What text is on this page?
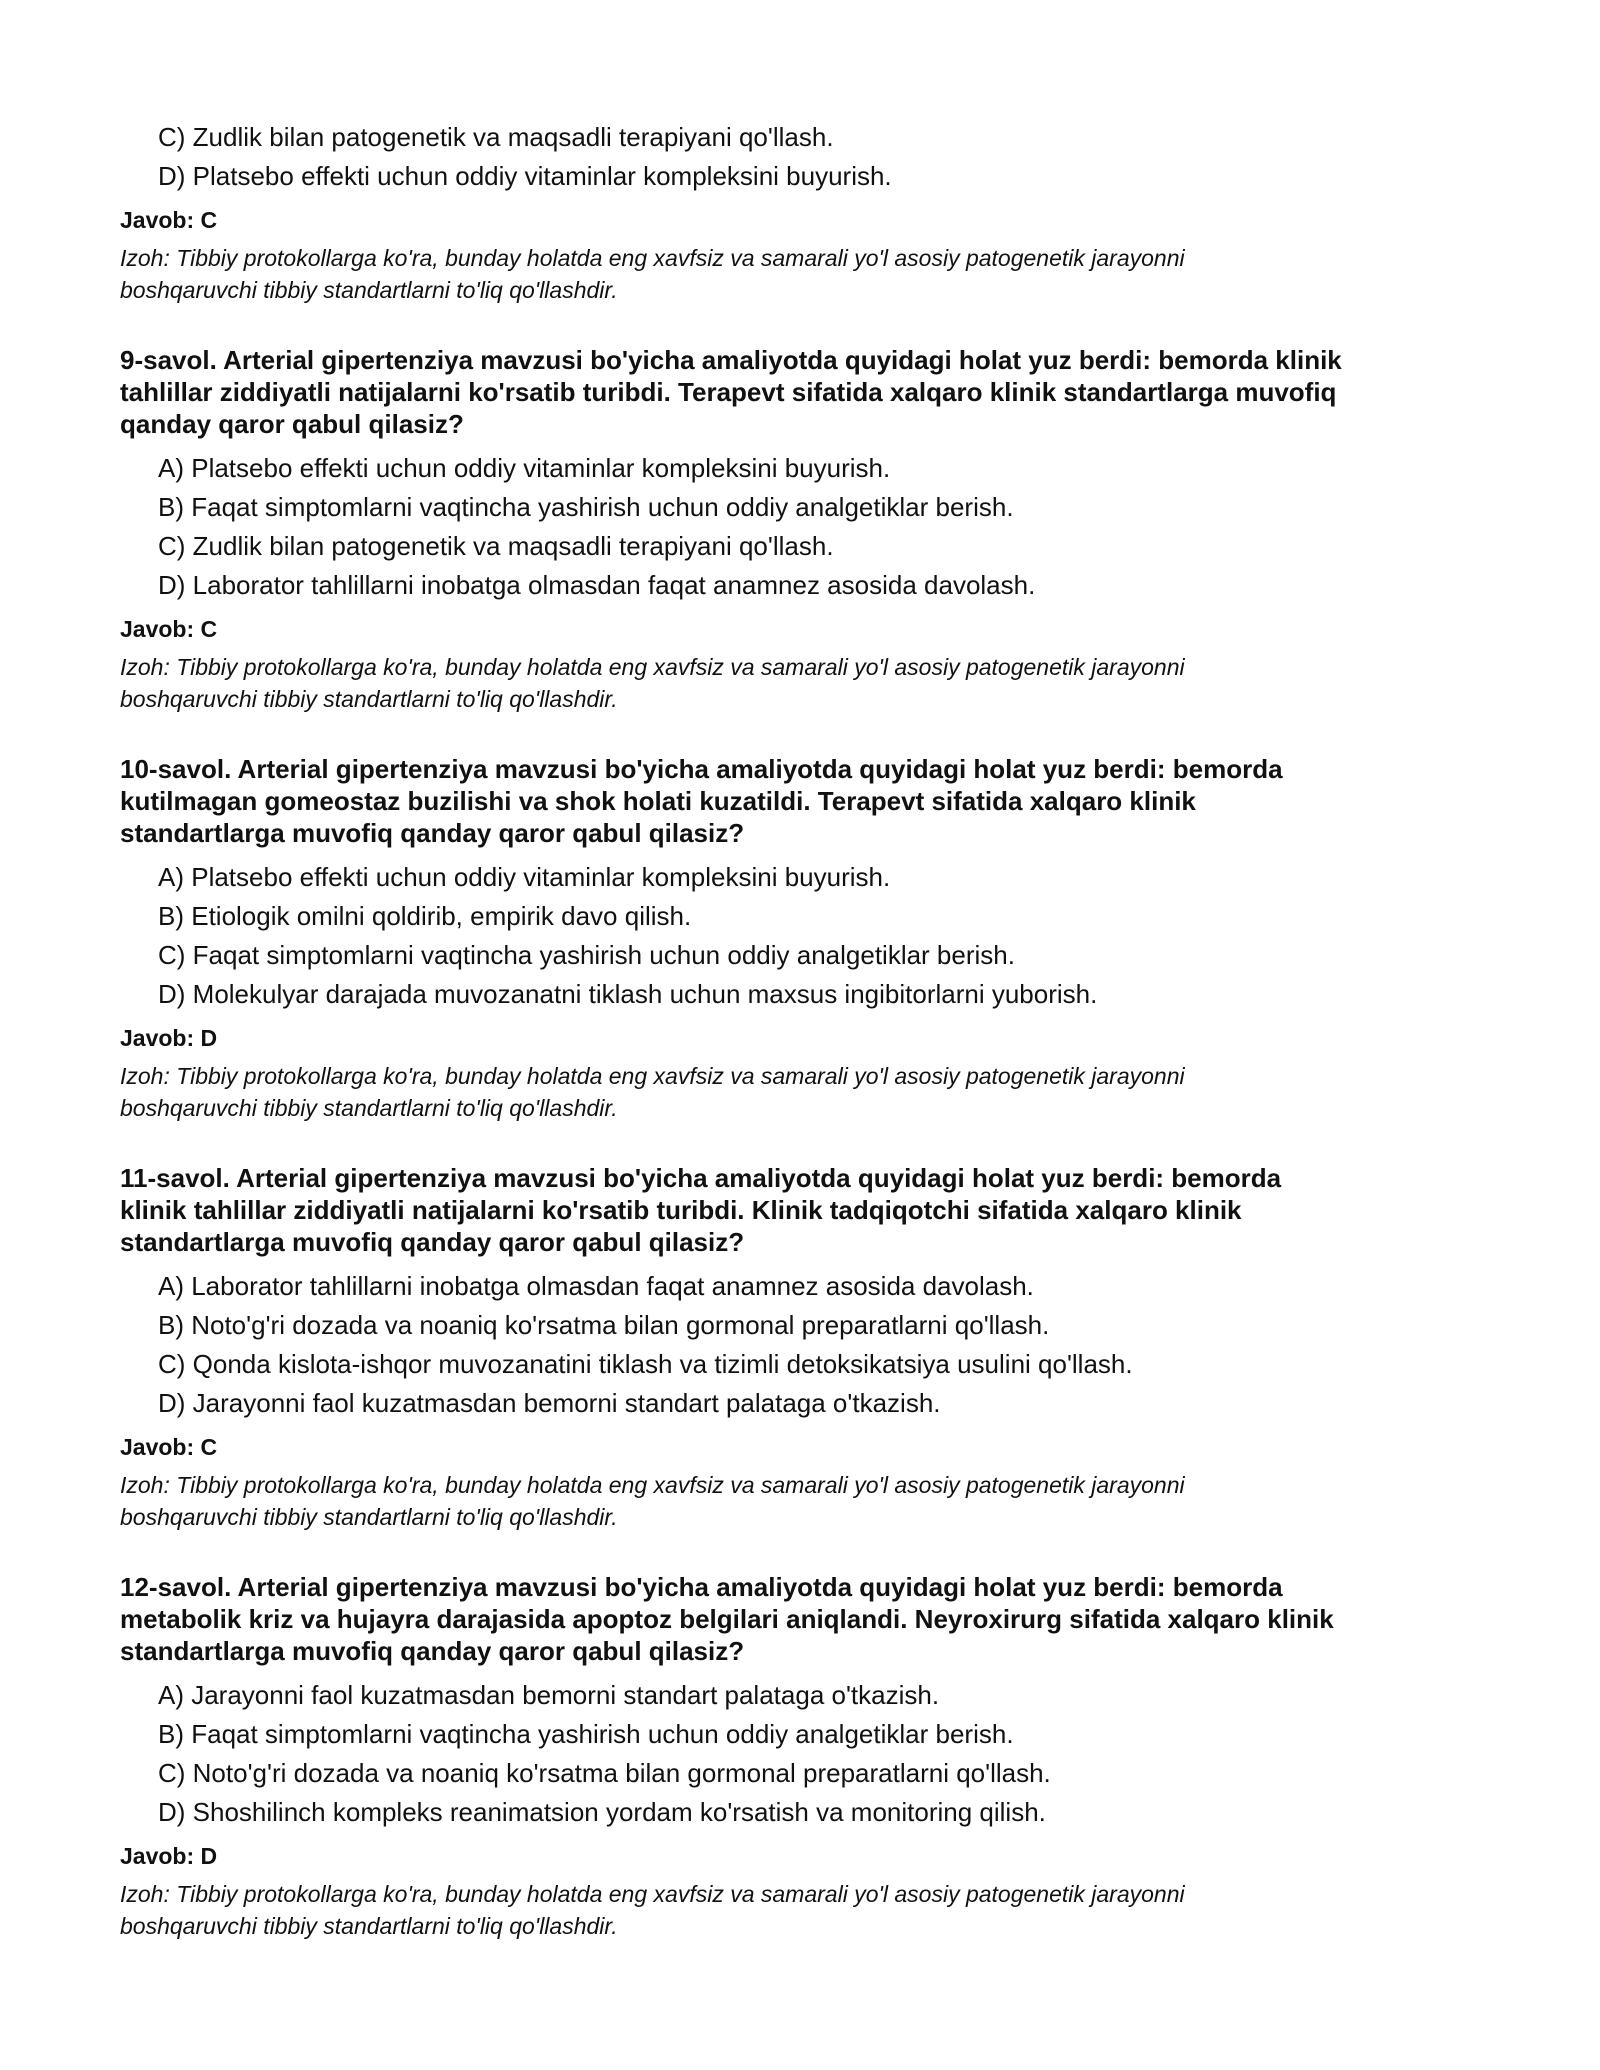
C) Zudlik bilan patogenetik va maqsadli terapiyani qo'llash.
D) Platsebo effekti uchun oddiy vitaminlar kompleksini buyurish.
Javob: C
Izoh: Tibbiy protokollarga ko'ra, bunday holatda eng xavfsiz va samarali yo'l asosiy patogenetik jarayonni
boshqaruvchi tibbiy standartlarni to'liq qo'llashdir.
9-savol. Arterial gipertenziya mavzusi bo'yicha amaliyotda quyidagi holat yuz berdi: bemorda klinik
tahlillar ziddiyatli natijalarni ko'rsatib turibdi. Terapevt sifatida xalqaro klinik standartlarga muvofiq
qanday qaror qabul qilasiz?
A) Platsebo effekti uchun oddiy vitaminlar kompleksini buyurish.
B) Faqat simptomlarni vaqtincha yashirish uchun oddiy analgetiklar berish.
C) Zudlik bilan patogenetik va maqsadli terapiyani qo'llash.
D) Laborator tahlillarni inobatga olmasdan faqat anamnez asosida davolash.
Javob: C
Izoh: Tibbiy protokollarga ko'ra, bunday holatda eng xavfsiz va samarali yo'l asosiy patogenetik jarayonni
boshqaruvchi tibbiy standartlarni to'liq qo'llashdir.
10-savol. Arterial gipertenziya mavzusi bo'yicha amaliyotda quyidagi holat yuz berdi: bemorda
kutilmagan gomeostaz buzilishi va shok holati kuzatildi. Terapevt sifatida xalqaro klinik
standartlarga muvofiq qanday qaror qabul qilasiz?
A) Platsebo effekti uchun oddiy vitaminlar kompleksini buyurish.
B) Etiologik omilni qoldirib, empirik davo qilish.
C) Faqat simptomlarni vaqtincha yashirish uchun oddiy analgetiklar berish.
D) Molekulyar darajada muvozanatni tiklash uchun maxsus ingibitorlarni yuborish.
Javob: D
Izoh: Tibbiy protokollarga ko'ra, bunday holatda eng xavfsiz va samarali yo'l asosiy patogenetik jarayonni
boshqaruvchi tibbiy standartlarni to'liq qo'llashdir.
11-savol. Arterial gipertenziya mavzusi bo'yicha amaliyotda quyidagi holat yuz berdi: bemorda
klinik tahlillar ziddiyatli natijalarni ko'rsatib turibdi. Klinik tadqiqotchi sifatida xalqaro klinik
standartlarga muvofiq qanday qaror qabul qilasiz?
A) Laborator tahlillarni inobatga olmasdan faqat anamnez asosida davolash.
B) Noto'g'ri dozada va noaniq ko'rsatma bilan gormonal preparatlarni qo'llash.
C) Qonda kislota-ishqor muvozanatini tiklash va tizimli detoksikatsiya usulini qo'llash.
D) Jarayonni faol kuzatmasdan bemorni standart palataga o'tkazish.
Javob: C
Izoh: Tibbiy protokollarga ko'ra, bunday holatda eng xavfsiz va samarali yo'l asosiy patogenetik jarayonni
boshqaruvchi tibbiy standartlarni to'liq qo'llashdir.
12-savol. Arterial gipertenziya mavzusi bo'yicha amaliyotda quyidagi holat yuz berdi: bemorda
metabolik kriz va hujayra darajasida apoptoz belgilari aniqlandi. Neyroxirurg sifatida xalqaro klinik
standartlarga muvofiq qanday qaror qabul qilasiz?
A) Jarayonni faol kuzatmasdan bemorni standart palataga o'tkazish.
B) Faqat simptomlarni vaqtincha yashirish uchun oddiy analgetiklar berish.
C) Noto'g'ri dozada va noaniq ko'rsatma bilan gormonal preparatlarni qo'llash.
D) Shoshilinch kompleks reanimatsion yordam ko'rsatish va monitoring qilish.
Javob: D
Izoh: Tibbiy protokollarga ko'ra, bunday holatda eng xavfsiz va samarali yo'l asosiy patogenetik jarayonni
boshqaruvchi tibbiy standartlarni to'liq qo'llashdir.
